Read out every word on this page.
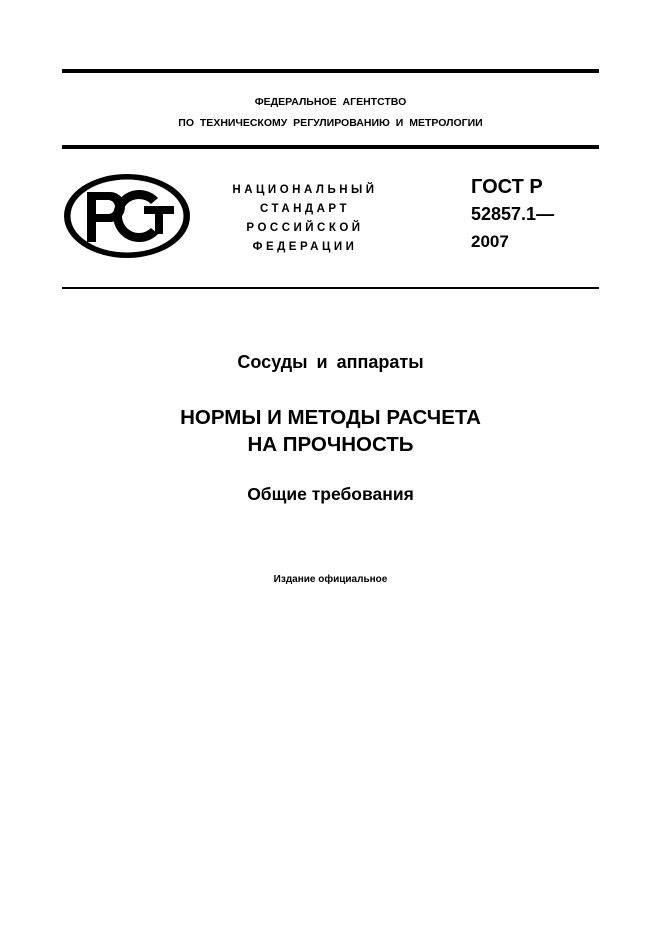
ФЕДЕРАЛЬНОЕ АГЕНТСТВО
ПО ТЕХНИЧЕСКОМУ РЕГУЛИРОВАНИЮ И МЕТРОЛОГИИ
НАЦИОНАЛЬНЫЙ
СТАНДАРТ
РОССИЙСКОЙ
ФЕДЕРАЦИИ
ГОСТ Р
52857.1—
2007
Сосуды и аппараты
НОРМЫ И МЕТОДЫ РАСЧЕТА
НА ПРОЧНОСТЬ
Общие требования
Издание официальное
